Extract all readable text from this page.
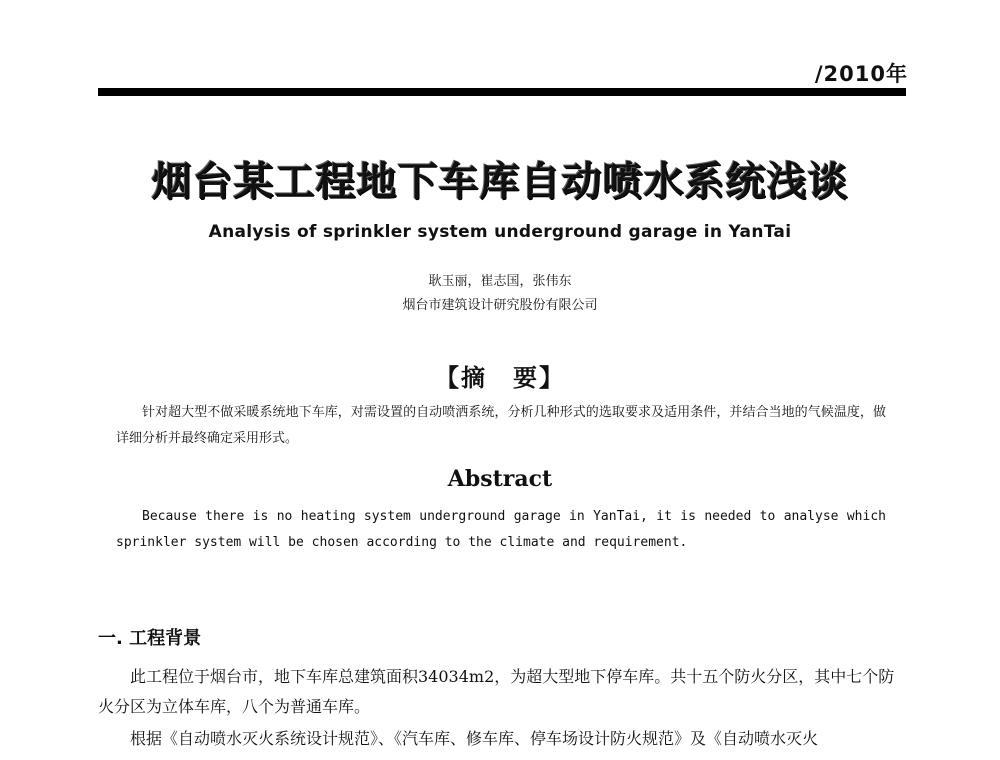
/2010年
烟台某工程地下车库自动喷水系统浅谈
Analysis of sprinkler system underground garage in YanTai
耿玉丽，崔志国，张伟东
烟台市建筑设计研究股份有限公司
【摘　要】
针对超大型不做采暖系统地下车库，对需设置的自动喷洒系统，分析几种形式的选取要求及适用条件，并结合当地的气候温度，做详细分析并最终确定采用形式。
Abstract
Because there is no heating system underground garage in YanTai, it is needed to analyse which sprinkler system will be chosen according to the climate and requirement.
一. 工程背景
此工程位于烟台市，地下车库总建筑面积34034m2，为超大型地下停车库。共十五个防火分区，其中七个防火分区为立体车库，八个为普通车库。
根据《自动喷水灭火系统设计规范》、《汽车库、修车库、停车场设计防火规范》及《自动喷水灭火
